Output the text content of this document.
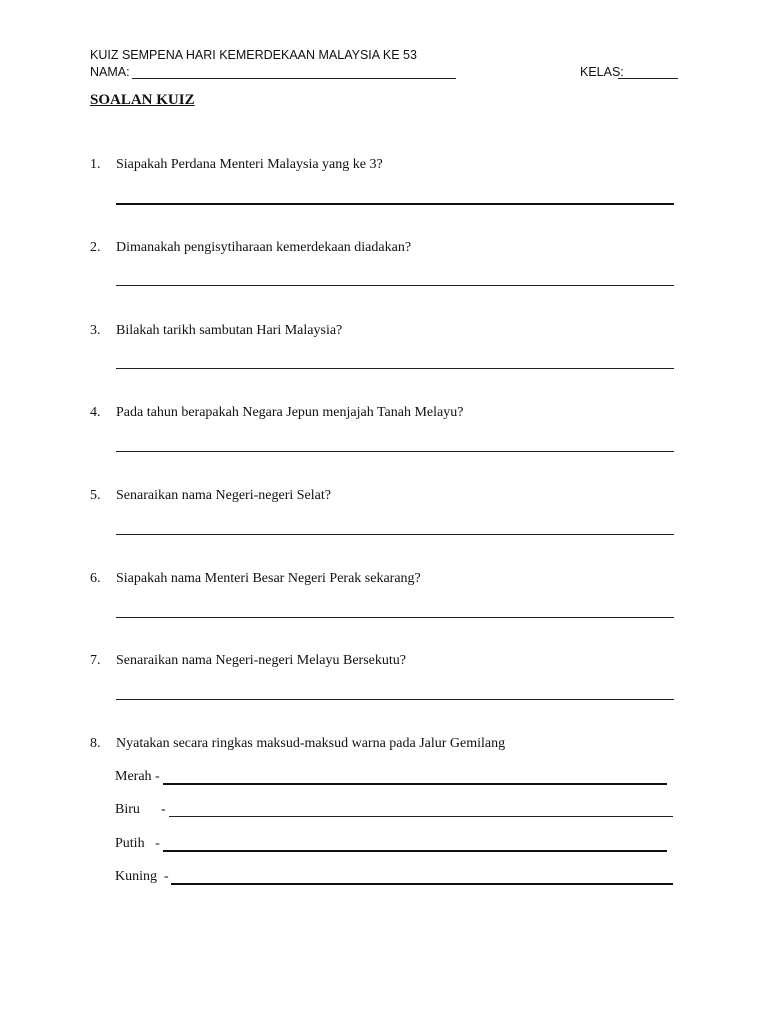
KUIZ SEMPENA HARI KEMERDEKAAN MALAYSIA KE 53
NAMA:	KELAS:
SOALAN KUIZ
1. Siapakah Perdana Menteri Malaysia yang ke 3?
2. Dimanakah pengisytiharaan kemerdekaan diadakan?
3. Bilakah tarikh sambutan Hari Malaysia?
4. Pada tahun berapakah Negara Jepun menjajah Tanah Melayu?
5. Senaraikan nama Negeri-negeri Selat?
6. Siapakah nama Menteri Besar Negeri Perak sekarang?
7. Senaraikan nama Negeri-negeri Melayu Bersekutu?
8. Nyatakan secara ringkas maksud-maksud warna pada Jalur Gemilang
Merah -
Biru      -
Putih   -
Kuning  -
